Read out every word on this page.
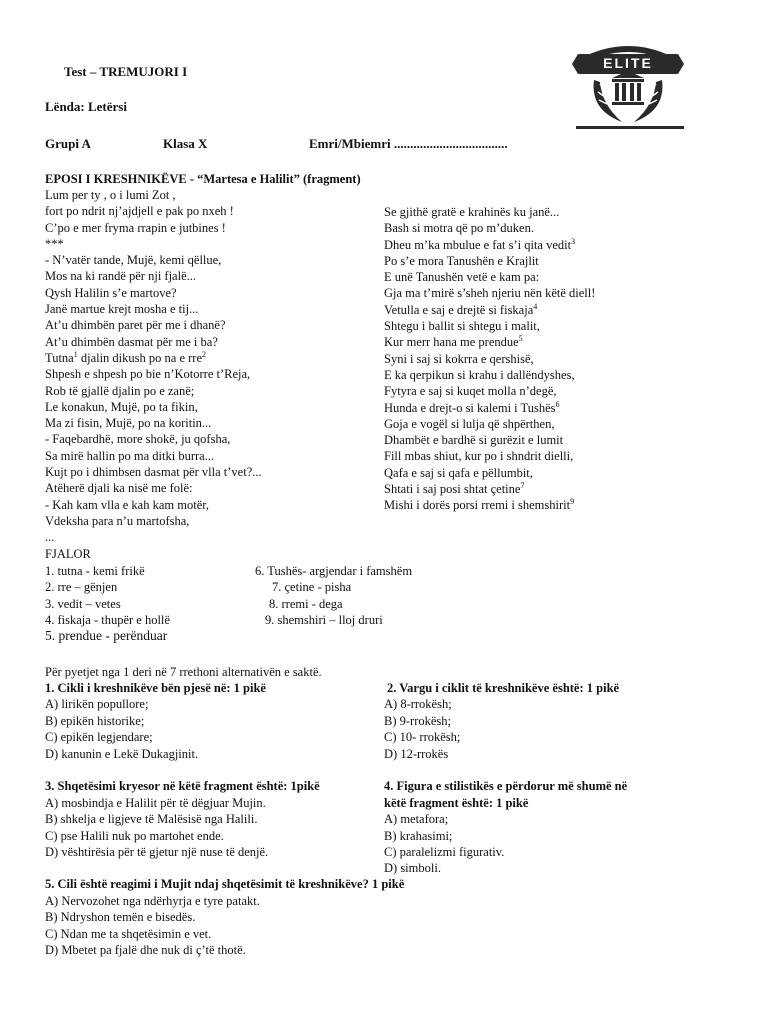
Test – TREMUJORI I
Lënda: Letërsi
Grupi A	Klasa X	Emri/Mbiemri ...................................
ELITE
EPOSI I KRESHNIKËVE - “Martesa e Halilit” (fragment)
Lum per ty , o i lumi Zot ,
fort po ndrit nj’ajdjell e pak po nxeh !
C’po e mer fryma rrapin e jutbines !
***
- N’vatër tande, Mujë, kemi qëllue,
Mos na ki randë për nji fjalë...
Qysh Halilin s’e martove?
Janë martue krejt mosha e tij...
At’u dhimbën paret për me i dhanë?
At’u dhimbën dasmat për me i ba?
Tutna$^1$ djalin dikush po na e rre$^2$
Shpesh e shpesh po bie n’Kotorre t’Reja,
Rob të gjallë djalin po e zanë;
Le konakun, Mujë, po ta fikin,
Ma zi fisin, Mujë, po na koritin...
- Faqebardhë, more shokë, ju qofsha,
Sa mirë hallin po ma ditki burra...
Kujt po i dhimbsen dasmat për vlla t’vet?...
Atëherë djali ka nisë me folë:
- Kah kam vlla e kah kam motër,
Vdeksha para n’u martofsha,
...
Se gjithë gratë e krahinës ku janë...
Bash si motra që po m’duken.
Dheu m’ka mbulue e fat s’i qita vedit$^3$
Po s’e mora Tanushën e Krajlit
E unë Tanushën vetë e kam pa:
Gja ma t’mirë s’sheh njeriu nën këtë diell!
Vetulla e saj e drejtë si fiskaja$^4$
Shtegu i ballit si shtegu i malit,
Kur merr hana me prendue$^5$
Syni i saj si kokrra e qershisë,
E ka qerpikun si krahu i dallëndyshes,
Fytyra e saj si kuqet molla n’degë,
Hunda e drejt-o si kalemi i Tushës$^6$
Goja e vogël si lulja që shpërthen,
Dhambët e bardhë si gurëzit e lumit
Fill mbas shiut, kur po i shndrit dielli,
Qafa e saj si qafa e pëllumbit,
Shtati i saj posi shtat çetine$^7$
Mishi i dorës porsi rremi i shemshirit$^9$
FJALOR
1. tutna - kemi frikë
2. rre – gënjen
3. vedit – vetes
4. fiskaja - thupër e hollë
5. prendue - perënduar
6. Tushës- argjendar i famshëm
7. çetine - pisha
8. rremi - dega
9. shemshiri – lloj druri
Për pyetjet nga 1 deri në 7 rrethoni alternativën e saktë.
1. Cikli i kreshnikëve bën pjesë në: 1 pikë
A) lirikën popullore;
B) epikën historike;
C) epikën legjendare;
D) kanunin e Lekë Dukagjinit.
2. Vargu i ciklit të kreshnikëve është: 1 pikë
A) 8-rrokësh;
B) 9-rrokësh;
C) 10- rrokësh;
D) 12-rrokës
3. Shqetësimi kryesor në këtë fragment është: 1pikë
A) mosbindja e Halilit për të dëgjuar Mujin.
B) shkelja e ligjeve të Malësisë nga Halili.
C) pse Halili nuk po martohet ende.
D) vështirësia për të gjetur një nuse të denjë.
4. Figura e stilistikës e përdorur më shumë në
këtë fragment është: 1 pikë
A) metafora;
B) krahasimi;
C) paralelizmi figurativ.
D) simboli.
5. Cili është reagimi i Mujit ndaj shqetësimit të kreshnikëve? 1 pikë
A) Nervozohet nga ndërhyrja e tyre patakt.
B) Ndryshon temën e bisedës.
C) Ndan me ta shqetësimin e vet.
D) Mbetet pa fjalë dhe nuk di ç’të thotë.
